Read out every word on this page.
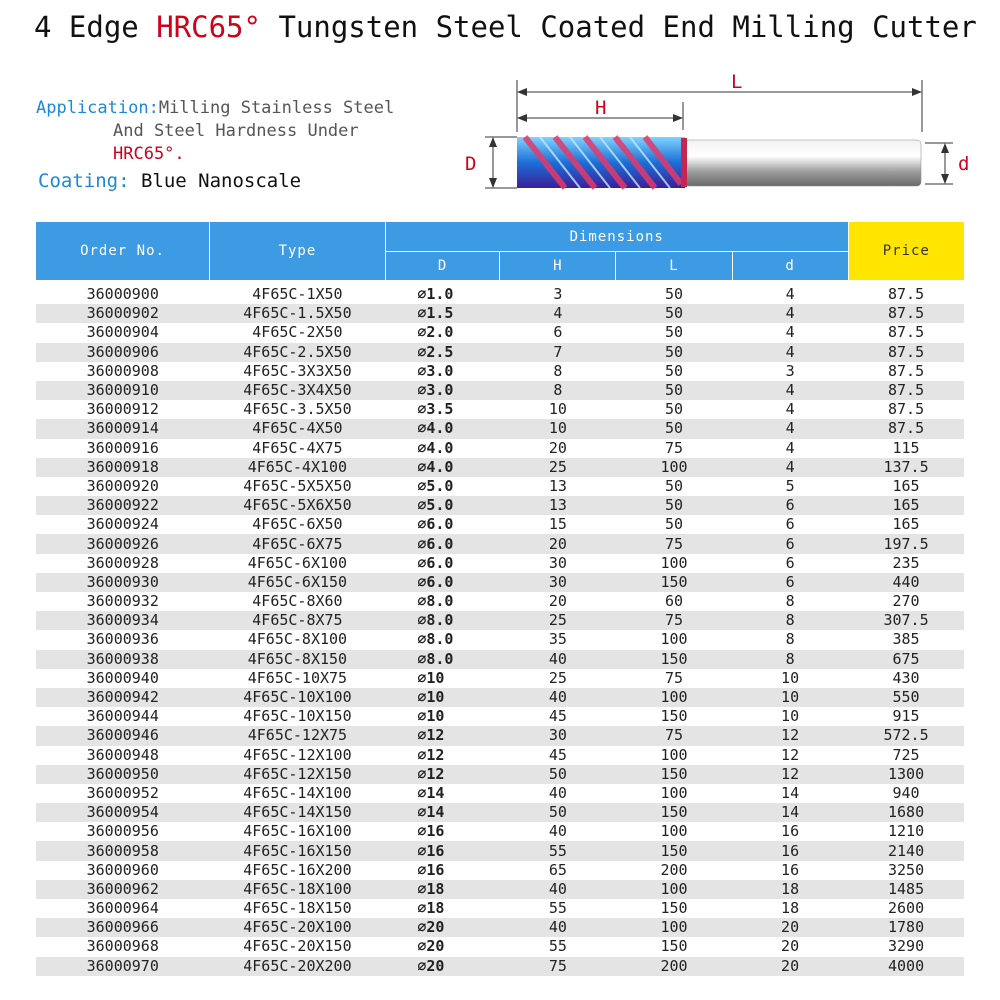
4 Edge HRC65° Tungsten Steel Coated End Milling Cutter
Application:Milling Stainless Steel
And Steel Hardness Under
HRC65°.
Coating: Blue Nanoscale
L
H
D	d
Order No.	Type	Dimensions				Price
		D	H	L	d	

36000900	4F65C-1X50	⌀1.0	3	50	4	87.5
36000902	4F65C-1.5X50	⌀1.5	4	50	4	87.5
36000904	4F65C-2X50	⌀2.0	6	50	4	87.5
36000906	4F65C-2.5X50	⌀2.5	7	50	4	87.5
36000908	4F65C-3X3X50	⌀3.0	8	50	3	87.5
36000910	4F65C-3X4X50	⌀3.0	8	50	4	87.5
36000912	4F65C-3.5X50	⌀3.5	10	50	4	87.5
36000914	4F65C-4X50	⌀4.0	10	50	4	87.5
36000916	4F65C-4X75	⌀4.0	20	75	4	115
36000918	4F65C-4X100	⌀4.0	25	100	4	137.5
36000920	4F65C-5X5X50	⌀5.0	13	50	5	165
36000922	4F65C-5X6X50	⌀5.0	13	50	6	165
36000924	4F65C-6X50	⌀6.0	15	50	6	165
36000926	4F65C-6X75	⌀6.0	20	75	6	197.5
36000928	4F65C-6X100	⌀6.0	30	100	6	235
36000930	4F65C-6X150	⌀6.0	30	150	6	440
36000932	4F65C-8X60	⌀8.0	20	60	8	270
36000934	4F65C-8X75	⌀8.0	25	75	8	307.5
36000936	4F65C-8X100	⌀8.0	35	100	8	385
36000938	4F65C-8X150	⌀8.0	40	150	8	675
36000940	4F65C-10X75	⌀10	25	75	10	430
36000942	4F65C-10X100	⌀10	40	100	10	550
36000944	4F65C-10X150	⌀10	45	150	10	915
36000946	4F65C-12X75	⌀12	30	75	12	572.5
36000948	4F65C-12X100	⌀12	45	100	12	725
36000950	4F65C-12X150	⌀12	50	150	12	1300
36000952	4F65C-14X100	⌀14	40	100	14	940
36000954	4F65C-14X150	⌀14	50	150	14	1680
36000956	4F65C-16X100	⌀16	40	100	16	1210
36000958	4F65C-16X150	⌀16	55	150	16	2140
36000960	4F65C-16X200	⌀16	65	200	16	3250
36000962	4F65C-18X100	⌀18	40	100	18	1485
36000964	4F65C-18X150	⌀18	55	150	18	2600
36000966	4F65C-20X100	⌀20	40	100	20	1780
36000968	4F65C-20X150	⌀20	55	150	20	3290
36000970	4F65C-20X200	⌀20	75	200	20	4000
